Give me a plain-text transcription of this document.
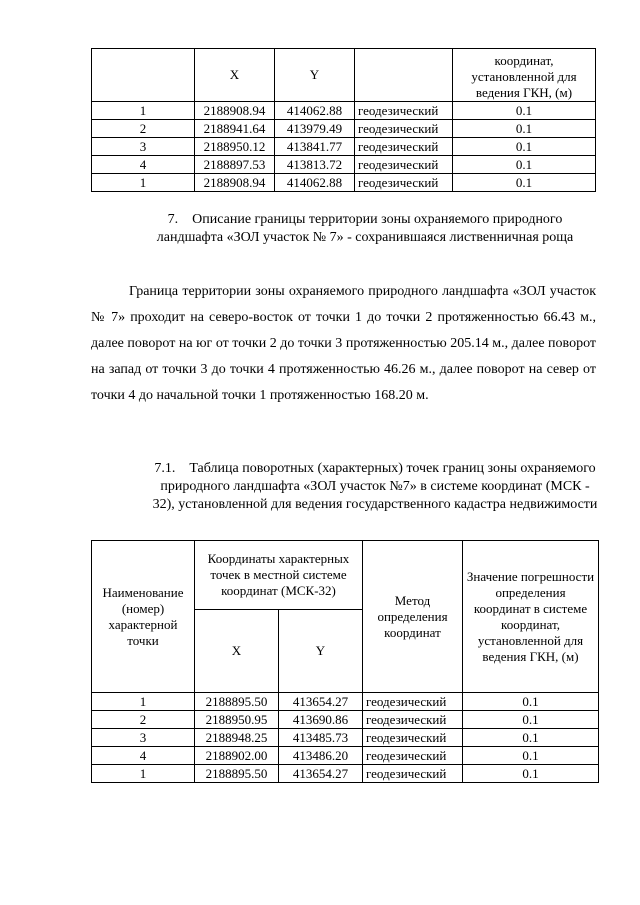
	X	Y		координат, установленной для ведения ГКН, (м)
1	2188908.94	414062.88	геодезический	0.1
2	2188941.64	413979.49	геодезический	0.1
3	2188950.12	413841.77	геодезический	0.1
4	2188897.53	413813.72	геодезический	0.1
1	2188908.94	414062.88	геодезический	0.1
7. Описание границы территории зоны охраняемого природного ландшафта «ЗОЛ участок № 7» - сохранившаяся лиственничная роща

Граница территории зоны охраняемого природного ландшафта «ЗОЛ участок № 7» проходит на северо-восток от точки 1 до точки 2 протяженностью 66.43 м., далее поворот на юг от точки 2 до точки 3 протяженностью 205.14 м., далее поворот на запад от точки 3 до точки 4 протяженностью 46.26 м., далее поворот на север от точки 4 до начальной точки 1 протяженностью 168.20 м.

7.1. Таблица поворотных (характерных) точек границ зоны охраняемого природного ландшафта «ЗОЛ участок №7» в системе координат (МСК - 32), установленной для ведения государственного кадастра недвижимости
Наименование (номер) характерной точки	Координаты характерных точек в местной системе координат (МСК-32)		Метод определения координат	Значение погрешности определения координат в системе координат, установленной для ведения ГКН, (м)
	X	Y		
1	2188895.50	413654.27	геодезический	0.1
2	2188950.95	413690.86	геодезический	0.1
3	2188948.25	413485.73	геодезический	0.1
4	2188902.00	413486.20	геодезический	0.1
1	2188895.50	413654.27	геодезический	0.1
